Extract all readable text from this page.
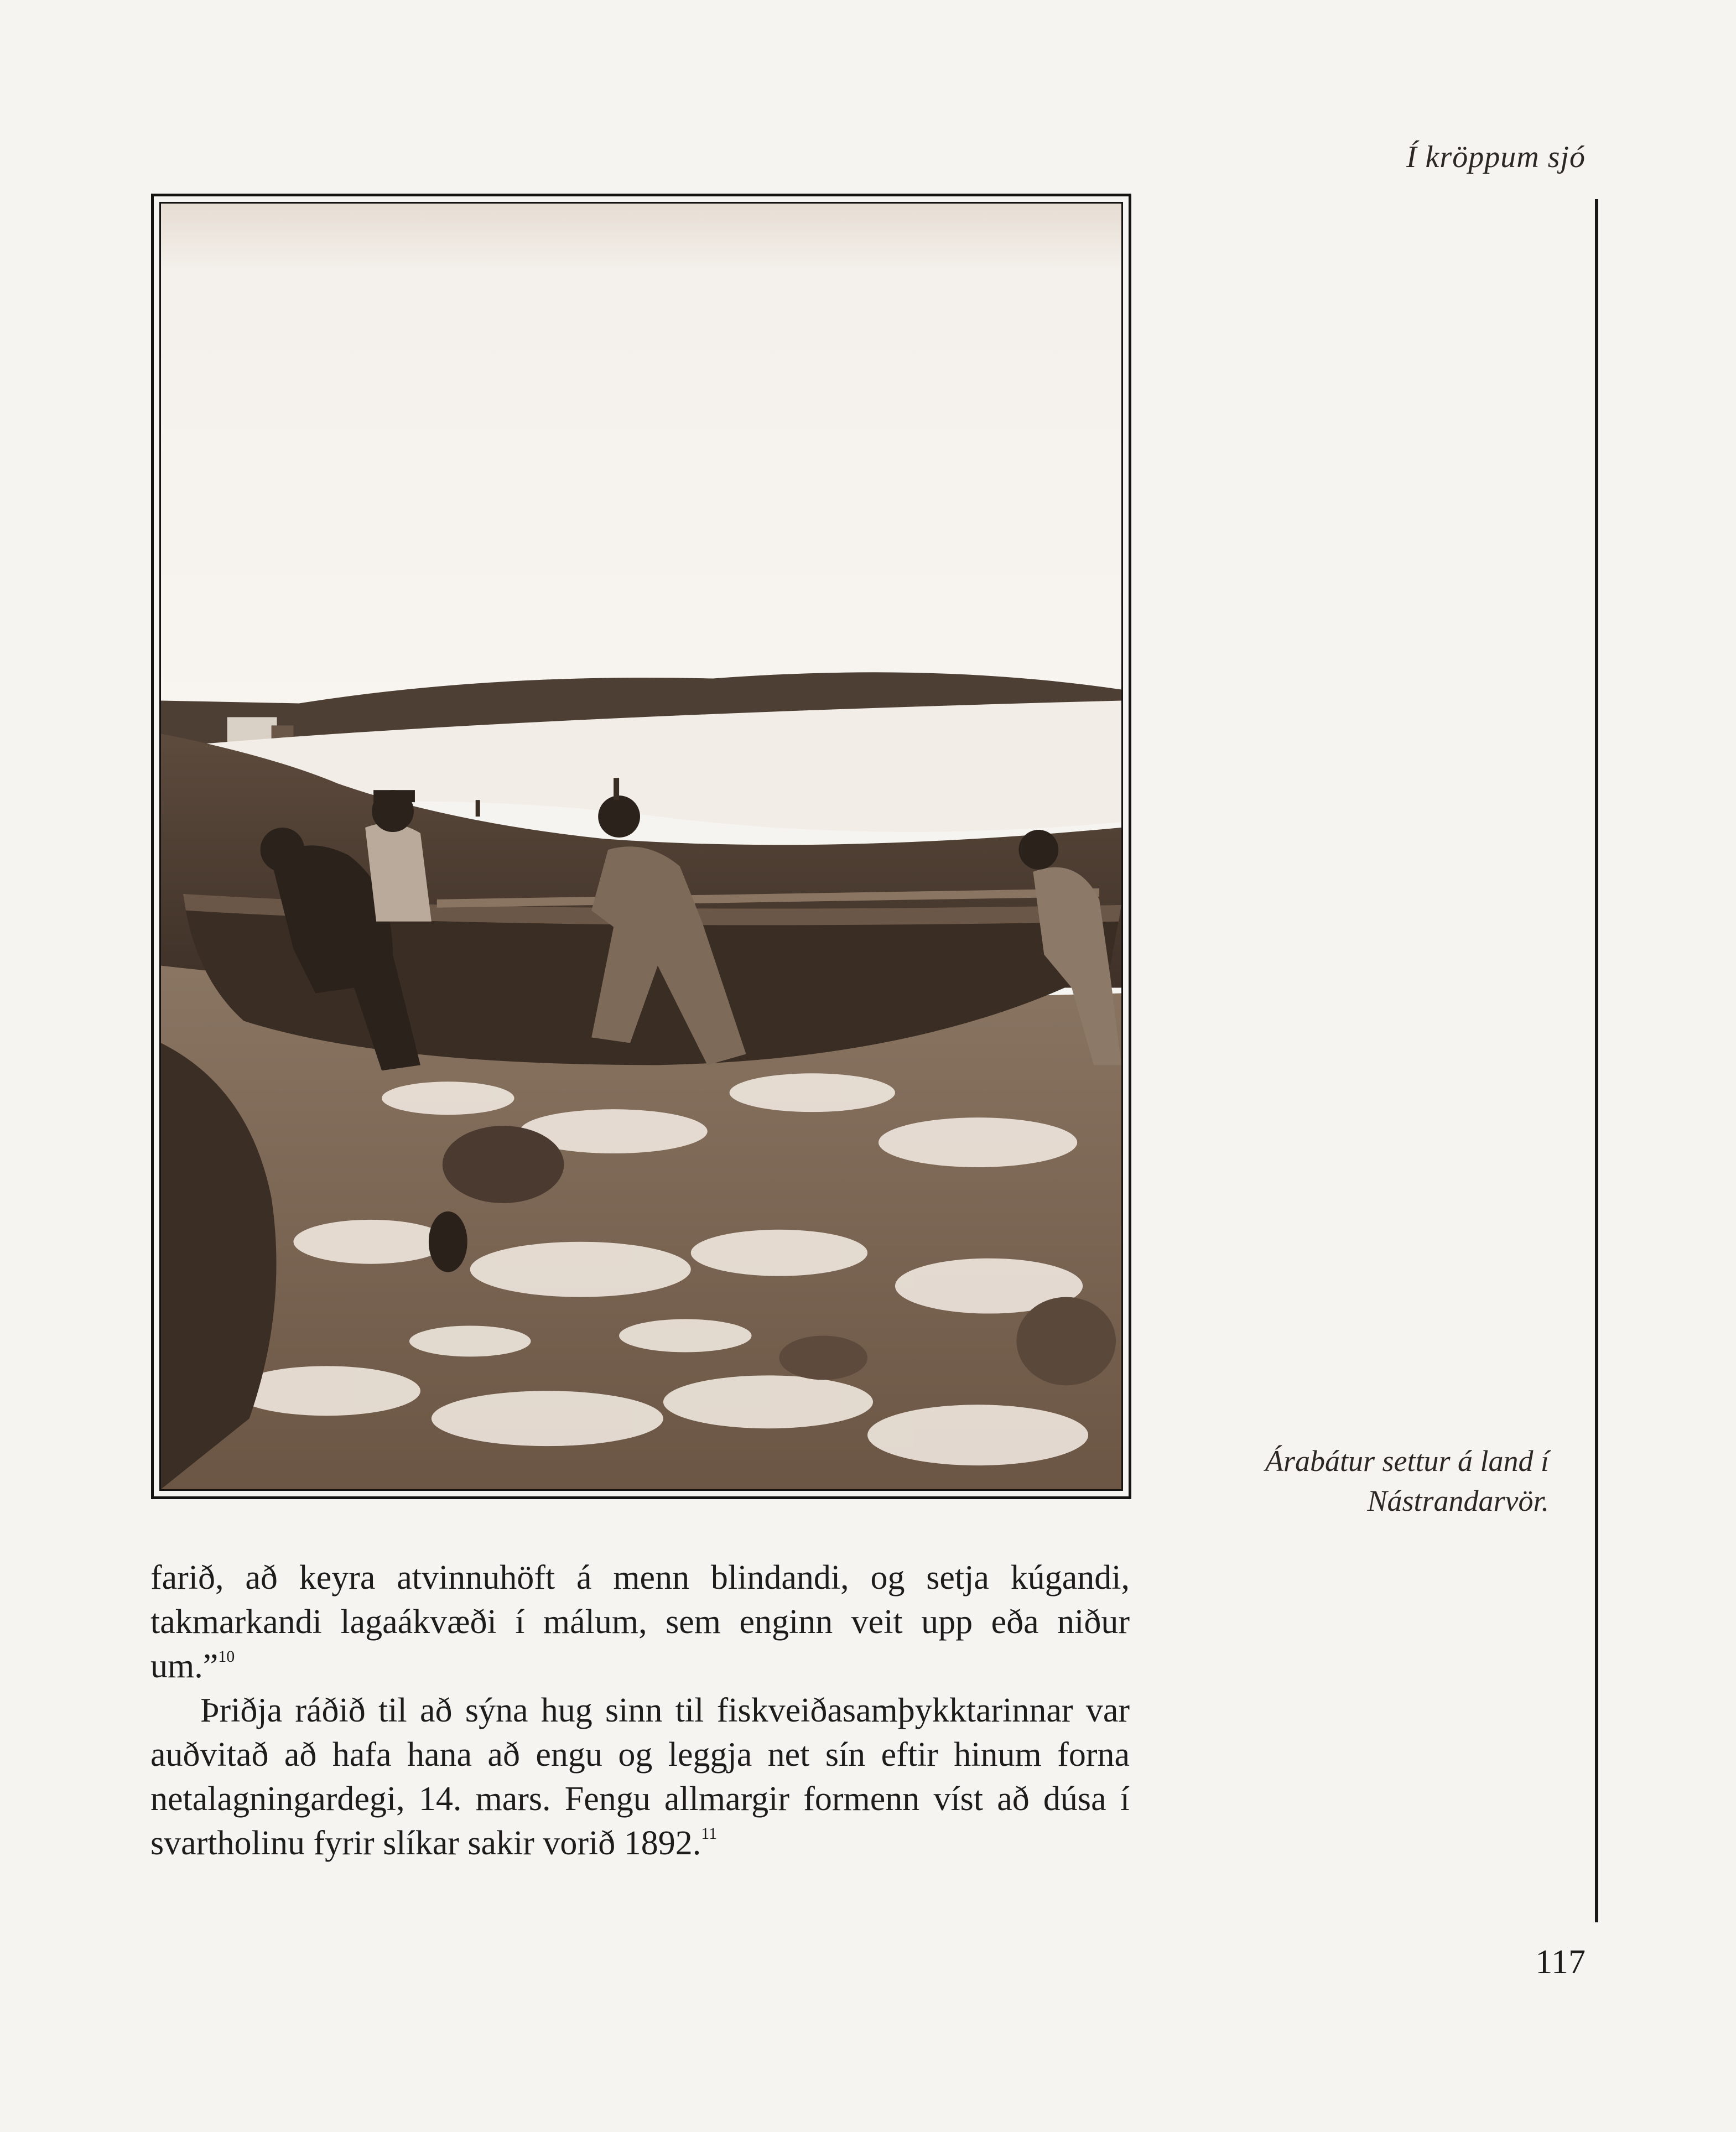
Í kröppum sjó
Árabátur settur á land í
Nástrandarvör.

farið, að keyra atvinnuhöft á menn blindandi, og setja kúgandi, takmarkandi lagaákvæði í málum, sem enginn veit upp eða niður um.”$^{10}$

Þriðja ráðið til að sýna hug sinn til fiskveiðasamþykktarinnar var auðvitað að hafa hana að engu og leggja net sín eftir hinum forna netalagningardegi, 14. mars. Fengu allmargir formenn víst að dúsa í svartholinu fyrir slíkar sakir vorið 1892.11

117
